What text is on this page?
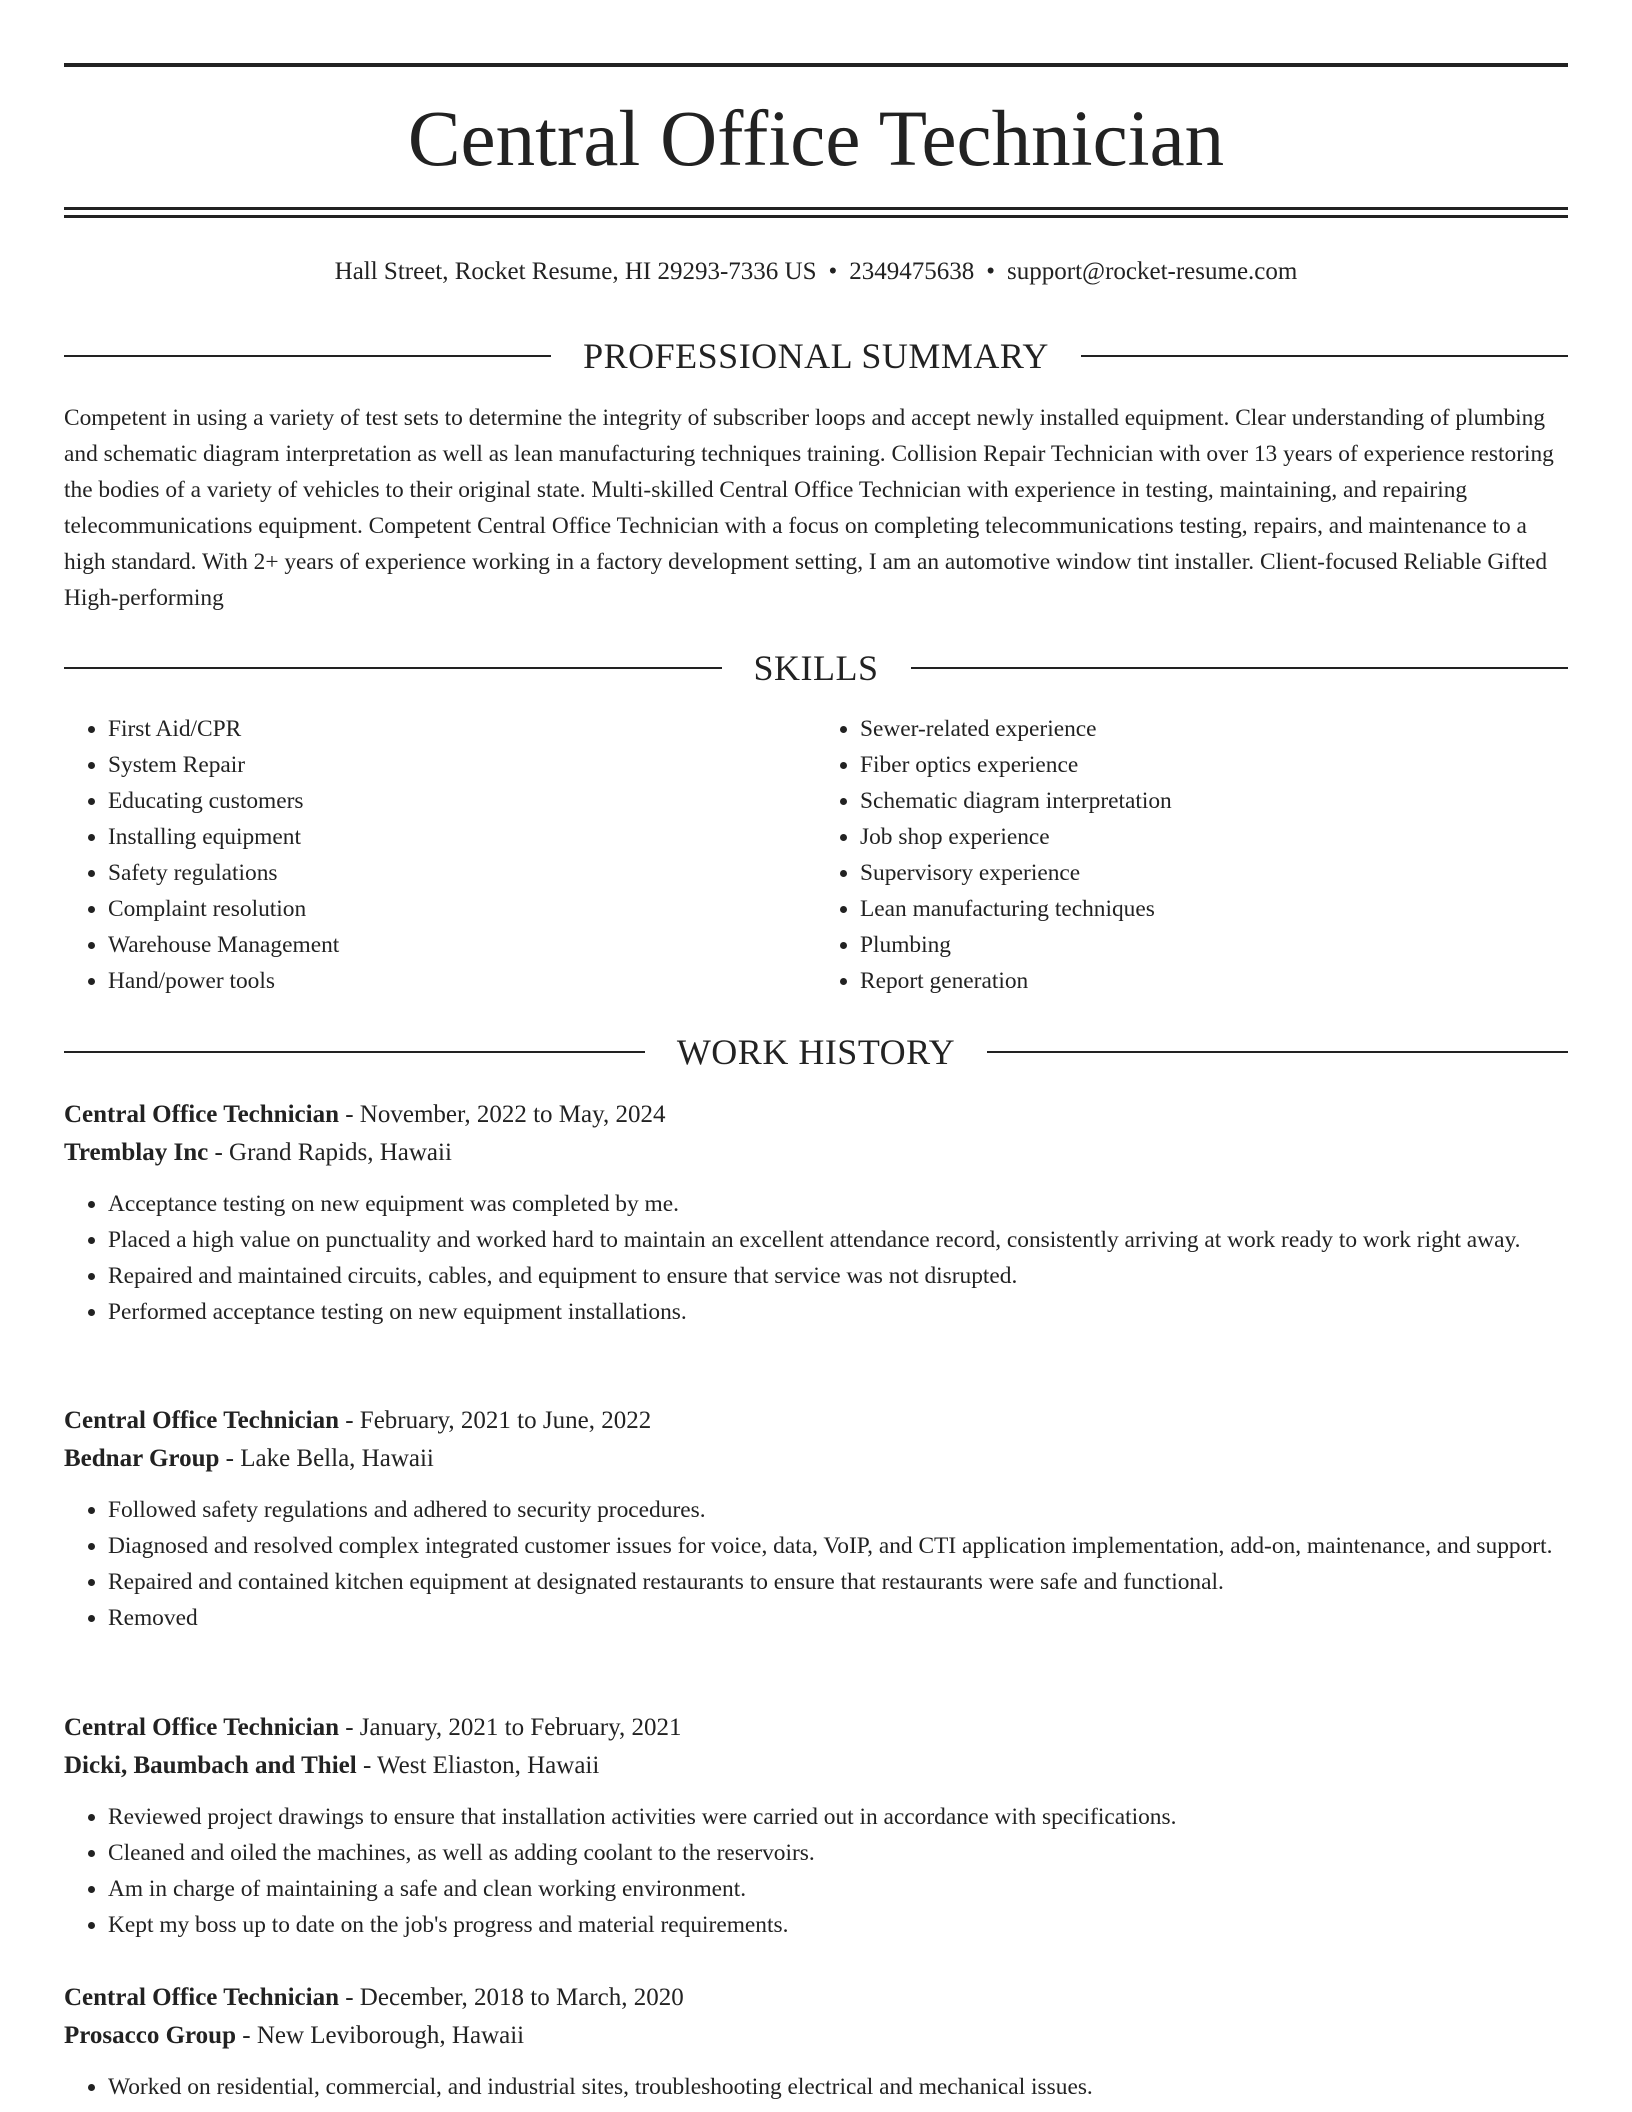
Central Office Technician
Hall Street, Rocket Resume, HI 29293-7336 US • 2349475638 • support@rocket-resume.com
PROFESSIONAL SUMMARY

Competent in using a variety of test sets to determine the integrity of subscriber loops and accept newly installed equipment. Clear understanding of plumbing and schematic diagram interpretation as well as lean manufacturing techniques training. Collision Repair Technician with over 13 years of experience restoring the bodies of a variety of vehicles to their original state. Multi-skilled Central Office Technician with experience in testing, maintaining, and repairing telecommunications equipment. Competent Central Office Technician with a focus on completing telecommunications testing, repairs, and maintenance to a high standard. With 2+ years of experience working in a factory development setting, I am an automotive window tint installer. Client-focused Reliable Gifted High-performing

SKILLS
• First Aid/CPR
• System Repair
• Educating customers
• Installing equipment
• Safety regulations
• Complaint resolution
• Warehouse Management
• Hand/power tools
• Sewer-related experience
• Fiber optics experience
• Schematic diagram interpretation
• Job shop experience
• Supervisory experience
• Lean manufacturing techniques
• Plumbing
• Report generation
WORK HISTORY
Central Office Technician - November, 2022 to May, 2024
Tremblay Inc - Grand Rapids, Hawaii
• Acceptance testing on new equipment was completed by me.
• Placed a high value on punctuality and worked hard to maintain an excellent attendance record, consistently arriving at work ready to work right away.
• Repaired and maintained circuits, cables, and equipment to ensure that service was not disrupted.
• Performed acceptance testing on new equipment installations.
Central Office Technician - February, 2021 to June, 2022
Bednar Group - Lake Bella, Hawaii
• Followed safety regulations and adhered to security procedures.
• Diagnosed and resolved complex integrated customer issues for voice, data, VoIP, and CTI application implementation, add-on, maintenance, and support.
• Repaired and contained kitchen equipment at designated restaurants to ensure that restaurants were safe and functional.
• Removed
Central Office Technician - January, 2021 to February, 2021
Dicki, Baumbach and Thiel - West Eliaston, Hawaii
• Reviewed project drawings to ensure that installation activities were carried out in accordance with specifications.
• Cleaned and oiled the machines, as well as adding coolant to the reservoirs.
• Am in charge of maintaining a safe and clean working environment.
• Kept my boss up to date on the job's progress and material requirements.
Central Office Technician - December, 2018 to March, 2020
Prosacco Group - New Leviborough, Hawaii
• Worked on residential, commercial, and industrial sites, troubleshooting electrical and mechanical issues.
